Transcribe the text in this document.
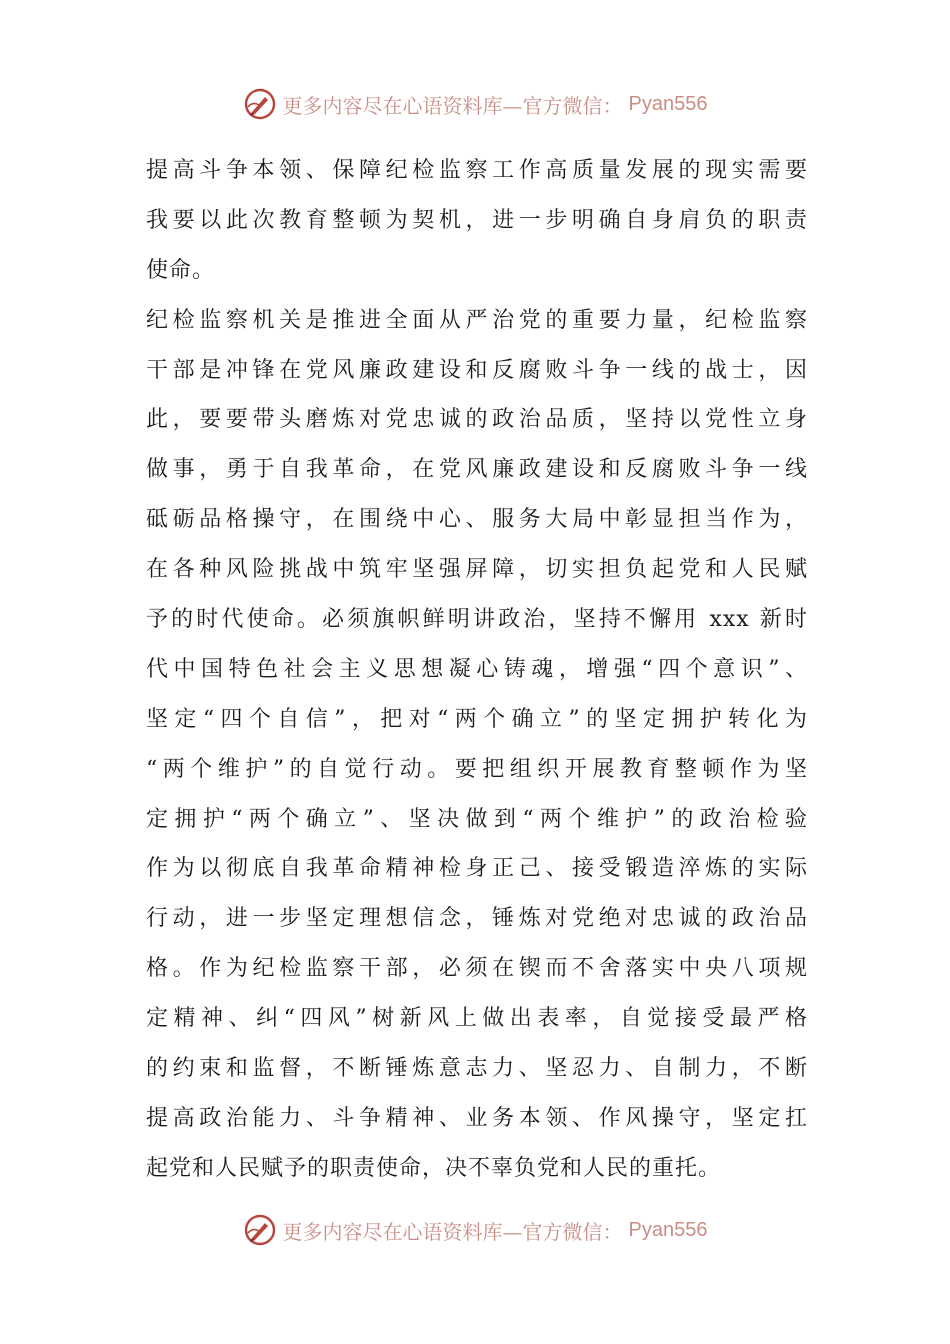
更多内容尽在心语资料库—官方微信： Pyan556
提高斗争本领、保障纪检监察工作高质量发展的现实需要
我要以此次教育整顿为契机，进一步明确自身肩负的职责
使命。
纪检监察机关是推进全面从严治党的重要力量，纪检监察
干部是冲锋在党风廉政建设和反腐败斗争一线的战士，因
此，要要带头磨炼对党忠诚的政治品质，坚持以党性立身
做事，勇于自我革命，在党风廉政建设和反腐败斗争一线
砥砺品格操守，在围绕中心、服务大局中彰显担当作为，
在各种风险挑战中筑牢坚强屏障，切实担负起党和人民赋
予的时代使命。必须旗帜鲜明讲政治，坚持不懈用 xxx 新时
代中国特色社会主义思想凝心铸魂，增强“四个意识”、
坚定“四个自信”，把对“两个确立”的坚定拥护转化为
“两个维护”的自觉行动。要把组织开展教育整顿作为坚
定拥护“两个确立”、坚决做到“两个维护”的政治检验
作为以彻底自我革命精神检身正己、接受锻造淬炼的实际
行动，进一步坚定理想信念，锤炼对党绝对忠诚的政治品
格。作为纪检监察干部，必须在锲而不舍落实中央八项规
定精神、纠“四风”树新风上做出表率，自觉接受最严格
的约束和监督，不断锤炼意志力、坚忍力、自制力，不断
提高政治能力、斗争精神、业务本领、作风操守，坚定扛
起党和人民赋予的职责使命，决不辜负党和人民的重托。
更多内容尽在心语资料库—官方微信： Pyan556
